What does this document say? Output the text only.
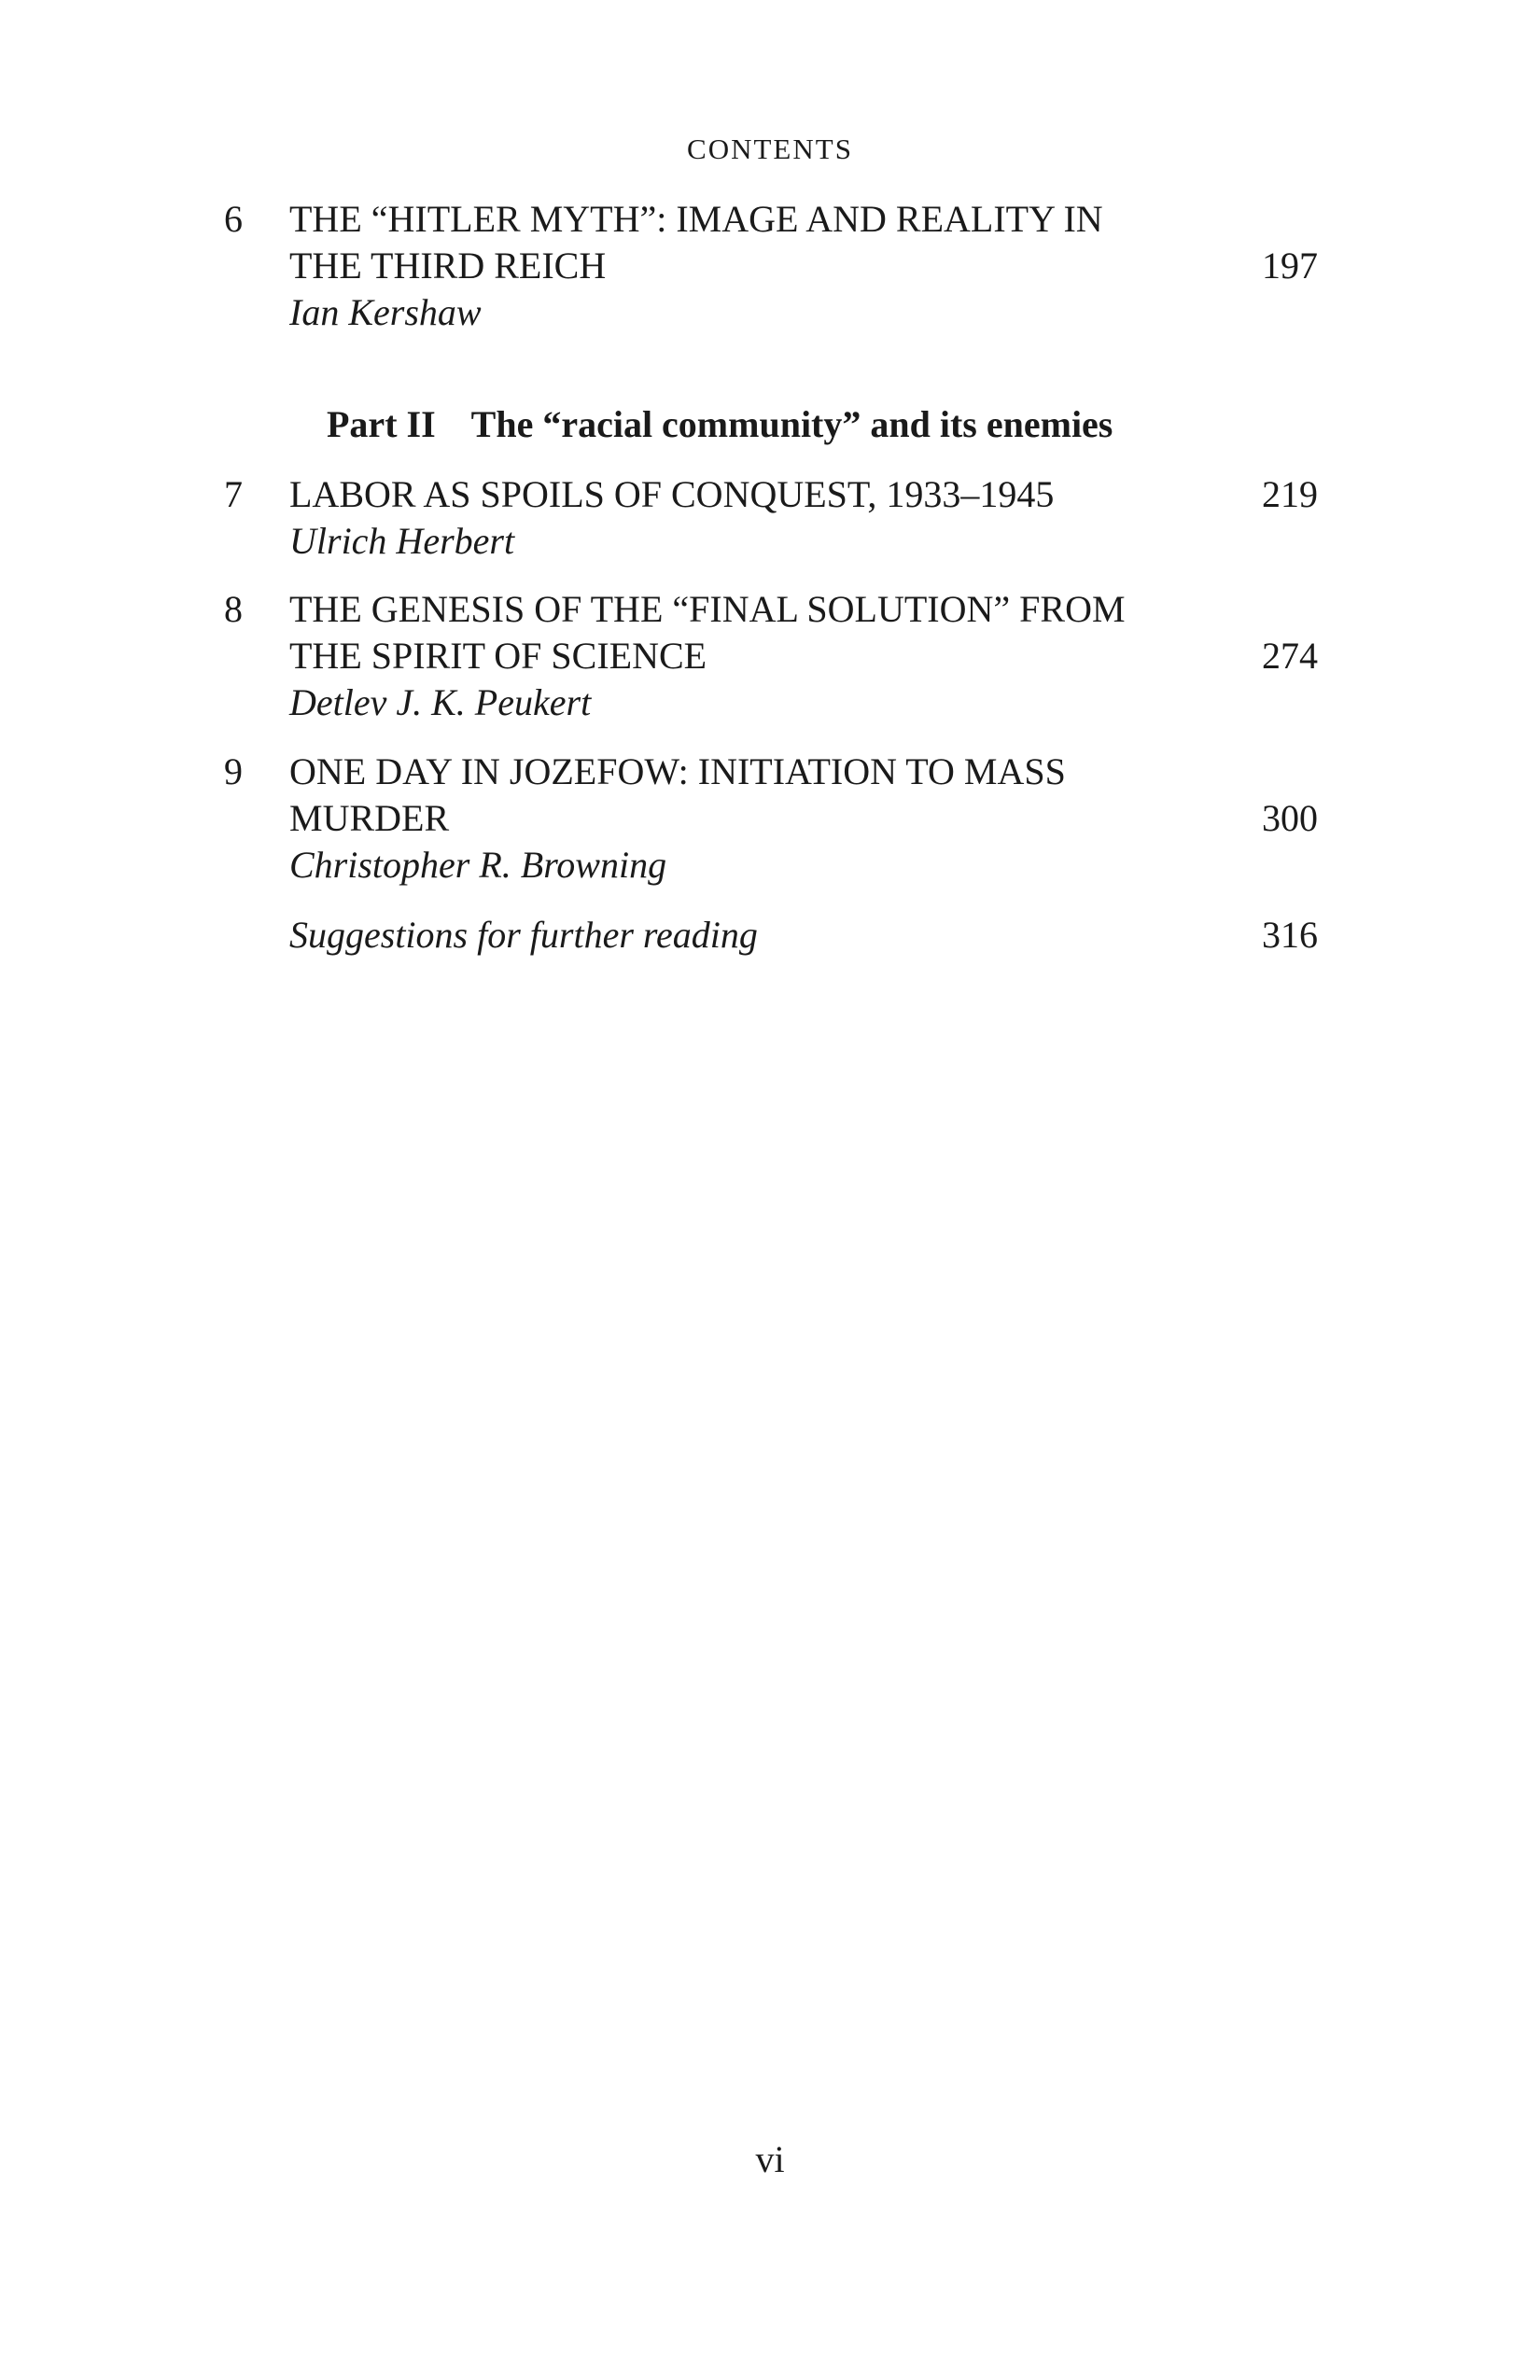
CONTENTS
6 THE “HITLER MYTH”: IMAGE AND REALITY IN
THE THIRD REICH	197
Ian Kershaw
Part II The “racial community” and its enemies
7 LABOR AS SPOILS OF CONQUEST, 1933–1945	219
Ulrich Herbert
8 THE GENESIS OF THE “FINAL SOLUTION” FROM
THE SPIRIT OF SCIENCE	274
Detlev J. K. Peukert
9 ONE DAY IN JOZEFOW: INITIATION TO MASS
MURDER	300
Christopher R. Browning
Suggestions for further reading	316
vi
